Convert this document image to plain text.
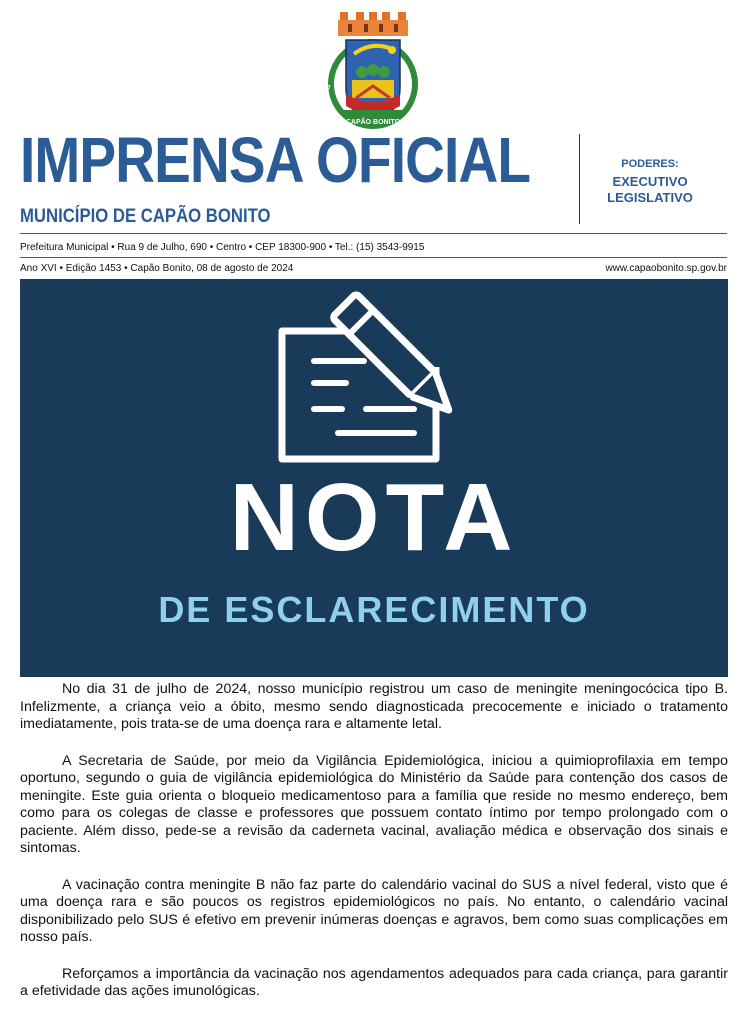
1843
1857
CAPÃO BONITO
IMPRENSA OFICIAL
MUNICÍPIO DE CAPÃO BONITO
PODERES:
EXECUTIVO
LEGISLATIVO
Prefeitura Municipal • Rua 9 de Julho, 690 • Centro • CEP 18300-900 • Tel.: (15) 3543-9915
Ano XVI • Edição 1453 • Capão Bonito, 08 de agosto de 2024	www.capaobonito.sp.gov.br
NOTA
DE ESCLARECIMENTO

No dia 31 de julho de 2024, nosso município registrou um caso de meningite meningocócica tipo B. Infelizmente, a criança veio a óbito, mesmo sendo diagnosticada precocemente e iniciado o tratamento imediatamente, pois trata-se de uma doença rara e altamente letal.

A Secretaria de Saúde, por meio da Vigilância Epidemiológica, iniciou a quimioprofilaxia em tempo oportuno, segundo o guia de vigilância epidemiológica do Ministério da Saúde para contenção dos casos de meningite. Este guia orienta o bloqueio medicamentoso para a família que reside no mesmo endereço, bem como para os colegas de classe e professores que possuem contato íntimo por tempo prolongado com o paciente. Além disso, pede-se a revisão da caderneta vacinal, avaliação médica e observação dos sinais e sintomas.

A vacinação contra meningite B não faz parte do calendário vacinal do SUS a nível federal, visto que é uma doença rara e são poucos os registros epidemiológicos no país. No entanto, o calendário vacinal disponibilizado pelo SUS é efetivo em prevenir inúmeras doenças e agravos, bem como suas complicações em nosso país.

Reforçamos a importância da vacinação nos agendamentos adequados para cada criança, para garantir a efetividade das ações imunológicas.
